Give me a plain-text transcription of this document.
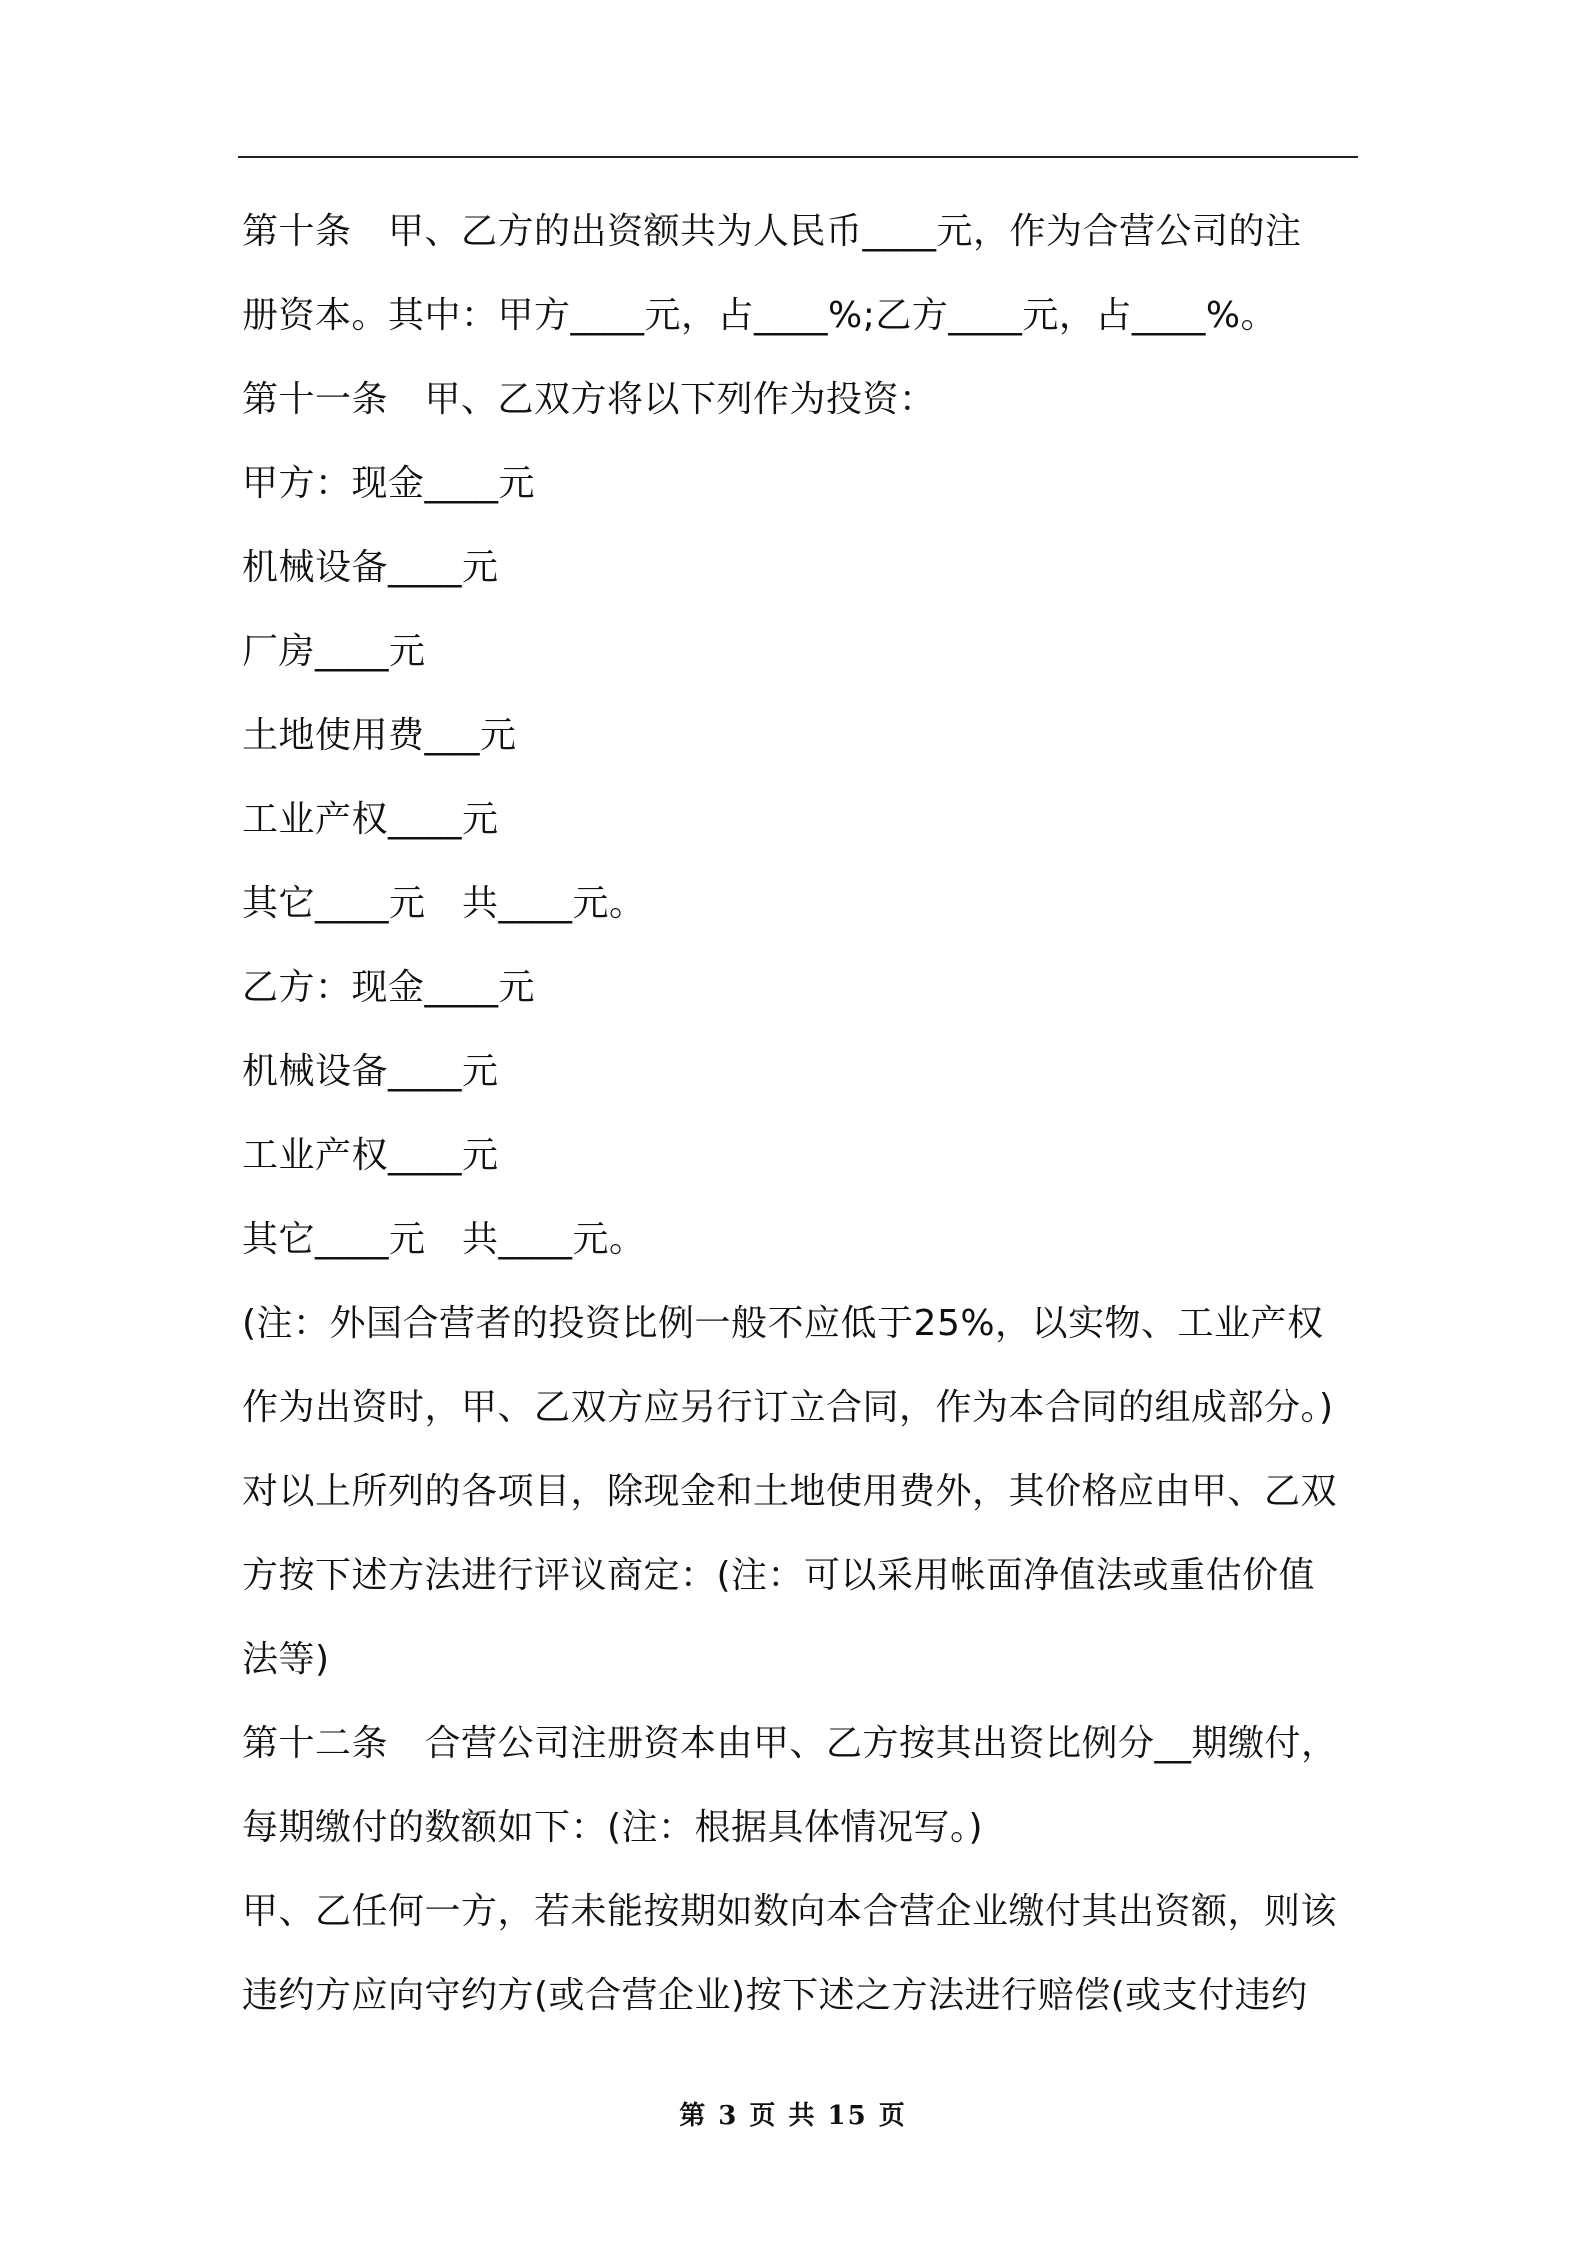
第十条　甲、乙方的出资额共为人民币____元，作为合营公司的注
册资本。其中：甲方____元，占____%;乙方____元，占____%。
第十一条　甲、乙双方将以下列作为投资：
甲方：现金____元
机械设备____元
厂房____元
土地使用费___元
工业产权____元
其它____元　共____元。
乙方：现金____元
机械设备____元
工业产权____元
其它____元　共____元。
(注：外国合营者的投资比例一般不应低于25%，以实物、工业产权
作为出资时，甲、乙双方应另行订立合同，作为本合同的组成部分。)
对以上所列的各项目，除现金和土地使用费外，其价格应由甲、乙双
方按下述方法进行评议商定：(注：可以采用帐面净值法或重估价值
法等)
第十二条　合营公司注册资本由甲、乙方按其出资比例分__期缴付，
每期缴付的数额如下：(注：根据具体情况写。)
甲、乙任何一方，若未能按期如数向本合营企业缴付其出资额，则该
违约方应向守约方(或合营企业)按下述之方法进行赔偿(或支付违约
第 3 页 共 15 页
